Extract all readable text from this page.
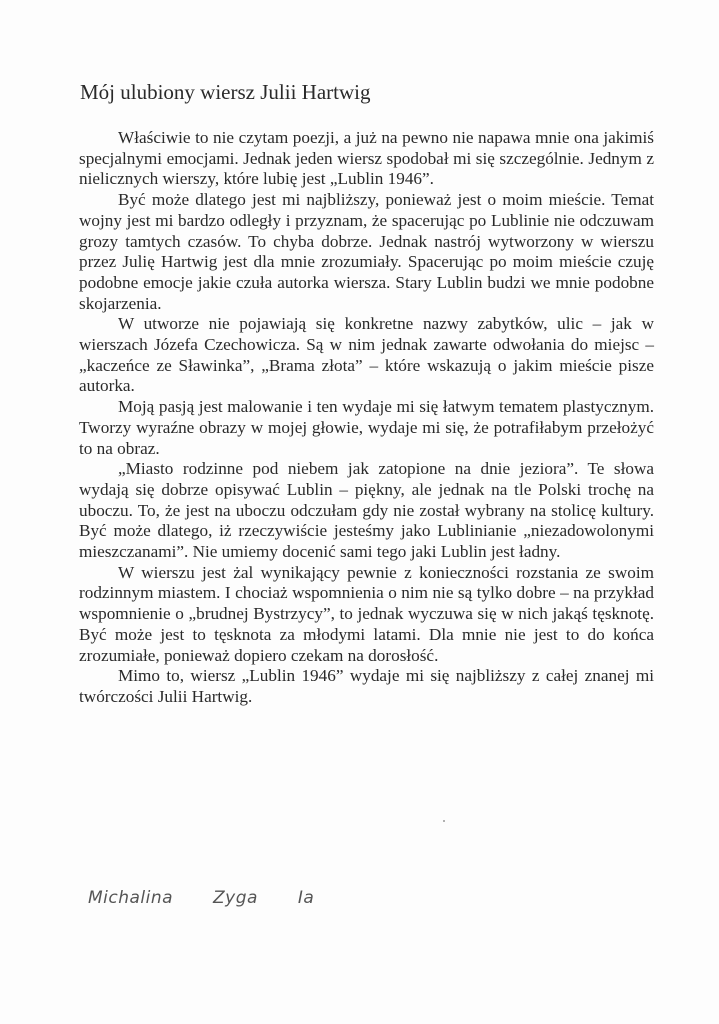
Mój ulubiony wiersz Julii Hartwig

Właściwie to nie czytam poezji, a już na pewno nie napawa mnie ona jakimiś specjalnymi emocjami. Jednak jeden wiersz spodobał mi się szczególnie. Jednym z nielicznych wierszy, które lubię jest „Lublin 1946”.

Być może dlatego jest mi najbliższy, ponieważ jest o moim mieście. Temat wojny jest mi bardzo odległy i przyznam, że spacerując po Lublinie nie odczuwam grozy tamtych czasów. To chyba dobrze. Jednak nastrój wytworzony w wierszu przez Julię Hartwig jest dla mnie zrozumiały. Spacerując po moim mieście czuję podobne emocje jakie czuła autorka wiersza. Stary Lublin budzi we mnie podobne skojarzenia.

W utworze nie pojawiają się konkretne nazwy zabytków, ulic – jak w wierszach Józefa Czechowicza. Są w nim jednak zawarte odwołania do miejsc – „kaczeńce ze Sławinka”, „Brama złota” – które wskazują o jakim mieście pisze autorka.

Moją pasją jest malowanie i ten wydaje mi się łatwym tematem plastycznym. Tworzy wyraźne obrazy w mojej głowie, wydaje mi się, że potrafiłabym przełożyć to na obraz.

„Miasto rodzinne pod niebem jak zatopione na dnie jeziora”. Te słowa wydają się dobrze opisywać Lublin – piękny, ale jednak na tle Polski trochę na uboczu. To, że jest na uboczu odczułam gdy nie został wybrany na stolicę kultury. Być może dlatego, iż rzeczywiście jesteśmy jako Lublinianie „niezadowolonymi mieszczanami”. Nie umiemy docenić sami tego jaki Lublin jest ładny.

W wierszu jest żal wynikający pewnie z konieczności rozstania ze swoim rodzinnym miastem. I chociaż wspomnienia o nim nie są tylko dobre – na przykład wspomnienie o „brudnej Bystrzycy”, to jednak wyczuwa się w nich jakąś tęsknotę. Być może jest to tęsknota za młodymi latami. Dla mnie nie jest to do końca zrozumiałe, ponieważ dopiero czekam na dorosłość.

Mimo to, wiersz „Lublin 1946” wydaje mi się najbliższy z całej znanej mi twórczości Julii Hartwig.

Michalina Zyga Ia
